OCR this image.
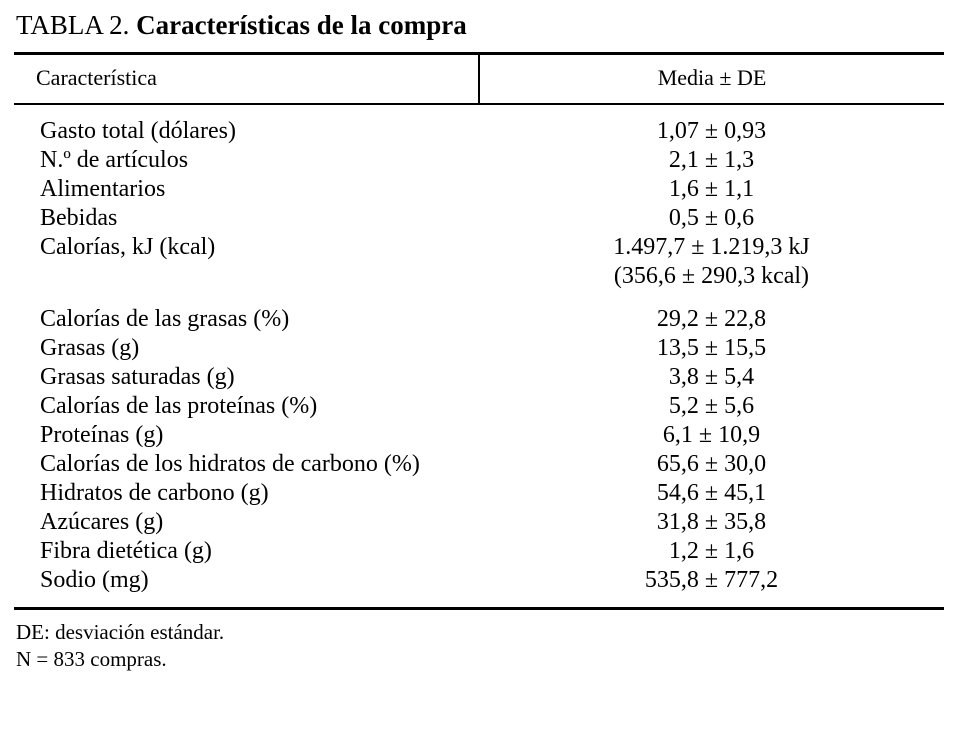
TABLA 2. Características de la compra

Característica	Media ± DE

Gasto total (dólares)	1,07 ± 0,93

N.º de artículos	2,1 ± 1,3

Alimentarios	1,6 ± 1,1

Bebidas	0,5 ± 0,6

Calorías, kJ (kcal)	1.497,7 ± 1.219,3 kJ
(356,6 ± 290,3 kcal)

Calorías de las grasas (%)	29,2 ± 22,8

Grasas (g)	13,5 ± 15,5

Grasas saturadas (g)	3,8 ± 5,4

Calorías de las proteínas (%)	5,2 ± 5,6

Proteínas (g)	6,1 ± 10,9

Calorías de los hidratos de carbono (%)	65,6 ± 30,0

Hidratos de carbono (g)	54,6 ± 45,1

Azúcares (g)	31,8 ± 35,8

Fibra dietética (g)	1,2 ± 1,6

Sodio (mg)	535,8 ± 777,2

DE: desviación estándar.
N = 833 compras.
